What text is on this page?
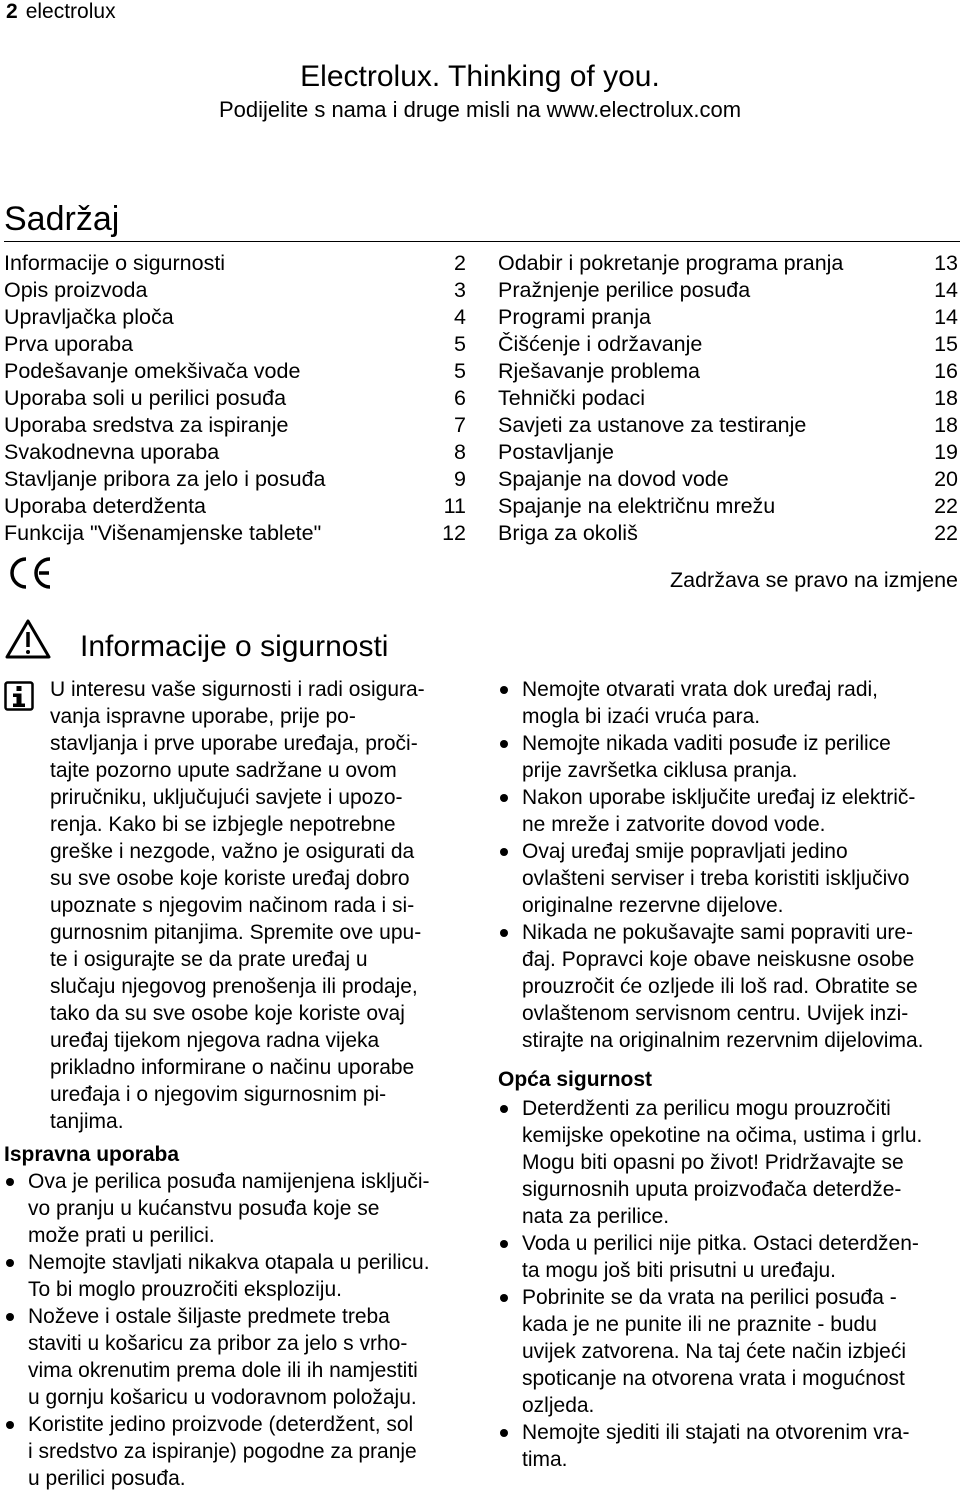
2 electrolux
Electrolux. Thinking of you.
Podijelite s nama i druge misli na www.electrolux.com
Sadržaj
Informacije o sigurnosti	2
Opis proizvoda	3
Upravljačka ploča	4
Prva uporaba	5
Podešavanje omekšivača vode	5
Uporaba soli u perilici posuđa	6
Uporaba sredstva za ispiranje	7
Svakodnevna uporaba	8
Stavljanje pribora za jelo i posuđa	9
Uporaba deterdženta	11
Funkcija "Višenamjenske tablete"	12
Odabir i pokretanje programa pranja	13
Pražnjenje perilice posuđa	14
Programi pranja	14
Čišćenje i održavanje	15
Rješavanje problema	16
Tehnički podaci	18
Savjeti za ustanove za testiranje	18
Postavljanje	19
Spajanje na dovod vode	20
Spajanje na električnu mrežu	22
Briga za okoliš	22
Zadržava se pravo na izmjene
Informacije o sigurnosti
U interesu vaše sigurnosti i radi osigura-
vanja ispravne uporabe, prije po-
stavljanja i prve uporabe uređaja, proči-
tajte pozorno upute sadržane u ovom
priručniku, uključujući savjete i upozo-
renja. Kako bi se izbjegle nepotrebne
greške i nezgode, važno je osigurati da
su sve osobe koje koriste uređaj dobro
upoznate s njegovim načinom rada i si-
gurnosnim pitanjima. Spremite ove upu-
te i osigurajte se da prate uređaj u
slučaju njegovog prenošenja ili prodaje,
tako da su sve osobe koje koriste ovaj
uređaj tijekom njegova radna vijeka
prikladno informirane o načinu uporabe
uređaja i o njegovim sigurnosnim pi-
tanjima.
Ispravna uporaba
Ova je perilica posuđa namijenjena isključi-
vo pranju u kućanstvu posuđa koje se
može prati u perilici.
Nemojte stavljati nikakva otapala u perilicu.
To bi moglo prouzročiti eksploziju.
Noževe i ostale šiljaste predmete treba
staviti u košaricu za pribor za jelo s vrho-
vima okrenutim prema dole ili ih namjestiti
u gornju košaricu u vodoravnom položaju.
Koristite jedino proizvode (deterdžent, sol
i sredstvo za ispiranje) pogodne za pranje
u perilici posuđa.
Nemojte otvarati vrata dok uređaj radi,
mogla bi izaći vruća para.
Nemojte nikada vaditi posuđe iz perilice
prije završetka ciklusa pranja.
Nakon uporabe isključite uređaj iz električ-
ne mreže i zatvorite dovod vode.
Ovaj uređaj smije popravljati jedino
ovlašteni serviser i treba koristiti isključivo
originalne rezervne dijelove.
Nikada ne pokušavajte sami popraviti ure-
đaj. Popravci koje obave neiskusne osobe
prouzročit će ozljede ili loš rad. Obratite se
ovlaštenom servisnom centru. Uvijek inzi-
stirajte na originalnim rezervnim dijelovima.
Opća sigurnost
Deterdženti za perilicu mogu prouzročiti
kemijske opekotine na očima, ustima i grlu.
Mogu biti opasni po život! Pridržavajte se
sigurnosnih uputa proizvođača deterdže-
nata za perilice.
Voda u perilici nije pitka. Ostaci deterdžen-
ta mogu još biti prisutni u uređaju.
Pobrinite se da vrata na perilici posuđa -
kada je ne punite ili ne praznite - budu
uvijek zatvorena. Na taj ćete način izbjeći
spoticanje na otvorena vrata i mogućnost
ozljeda.
Nemojte sjediti ili stajati na otvorenim vra-
tima.
